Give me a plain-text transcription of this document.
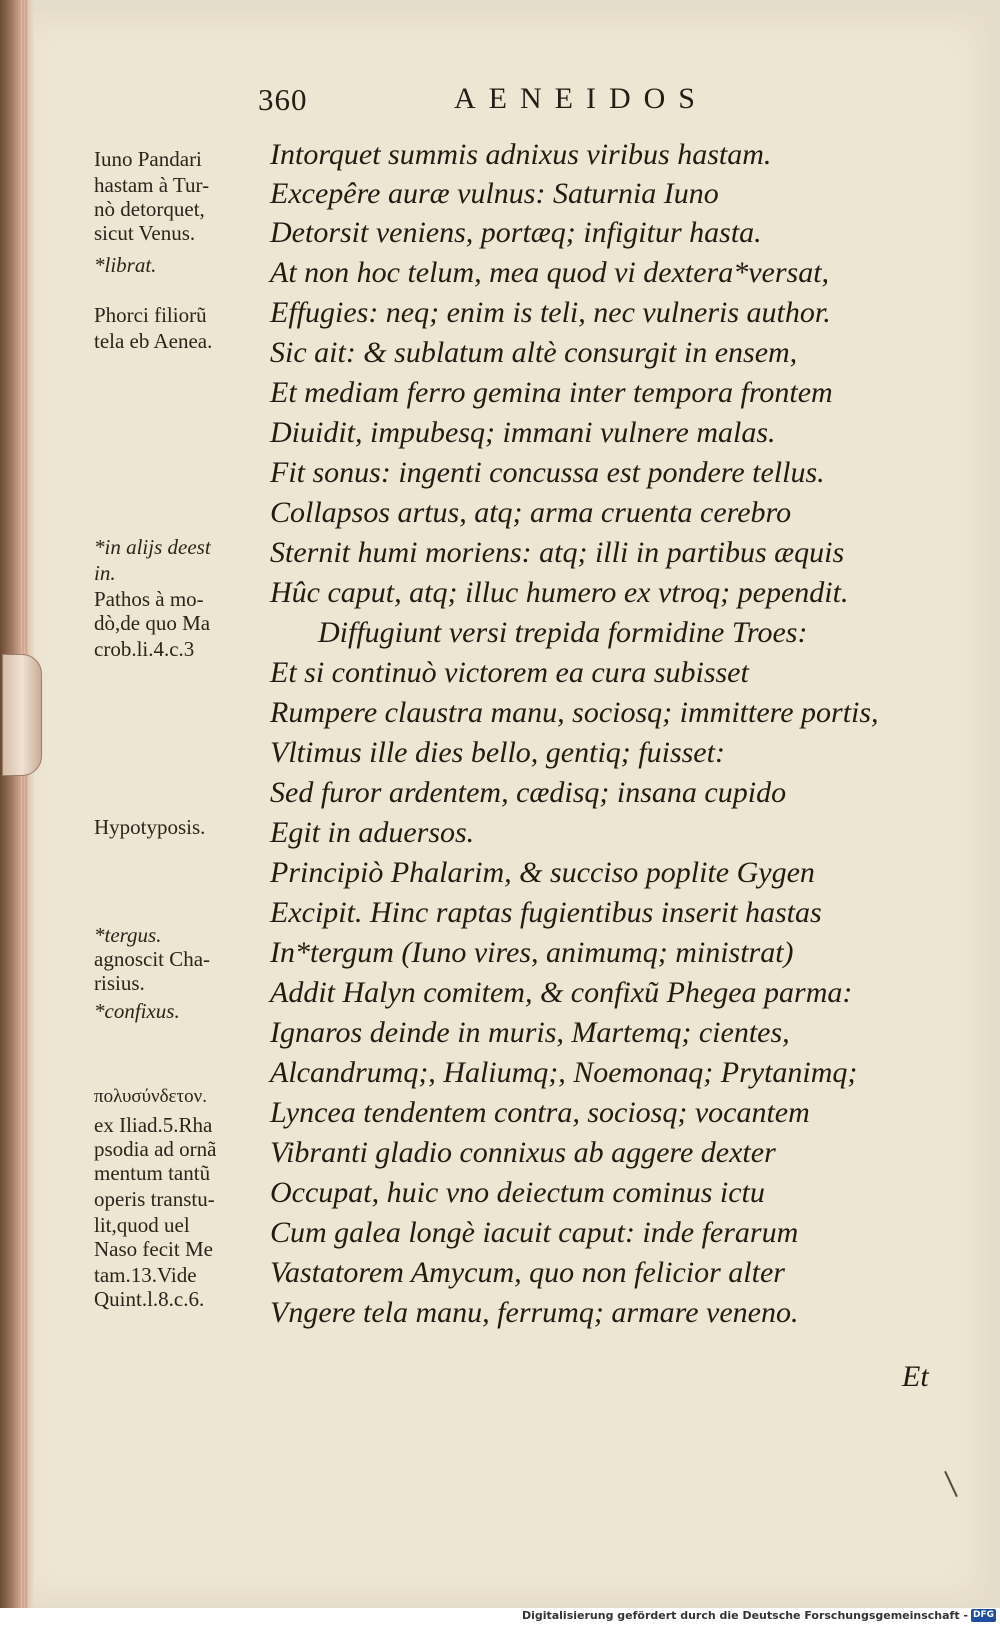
360	AENEIDOS
Iuno Pandari
hastam à Tur-
nò detorquet,
sicut Venus.
*librat.
Phorci filiorũ
tela eb Aenea.
*in alijs deest
in.
Pathos à mo-
dò,de quo Ma
crob.li.4.c.3
Hypotyposis.
*tergus.
agnoscit Cha-
risius.
*confixus.
πολυσύνδετον.
ex Iliad.5.Rha
psodia ad ornã
mentum tantũ
operis transtu-
lit,quod uel
Naso fecit Me
tam.13.Vide
Quint.l.8.c.6.
Intorquet summis adnixus viribus hastam.
Excepêre auræ vulnus: Saturnia Iuno
Detorsit veniens, portæq; infigitur hasta.
At non hoc telum, mea quod vi dextera*versat,
Effugies: neq; enim is teli, nec vulneris author.
Sic ait: & sublatum altè consurgit in ensem,
Et mediam ferro gemina inter tempora frontem
Diuidit, impubesq; immani vulnere malas.
Fit sonus: ingenti concussa est pondere tellus.
Collapsos artus, atq; arma cruenta cerebro
Sternit humi moriens: atq; illi in partibus æquis
Hûc caput, atq; illuc humero ex vtroq; pependit.
Diffugiunt versi trepida formidine Troes:
Et si continuò victorem ea cura subisset
Rumpere claustra manu, sociosq; immittere portis,
Vltimus ille dies bello, gentiq; fuisset:
Sed furor ardentem, cædisq; insana cupido
Egit in aduersos.
Principiò Phalarim, & succiso poplite Gygen
Excipit. Hinc raptas fugientibus inserit hastas
In*tergum (Iuno vires, animumq; ministrat)
Addit Halyn comitem, & confixũ Phegea parma:
Ignaros deinde in muris, Martemq; cientes,
Alcandrumq;, Haliumq;, Noemonaq; Prytanimq;
Lyncea tendentem contra, sociosq; vocantem
Vibranti gladio connixus ab aggere dexter
Occupat, huic vno deiectum cominus ictu
Cum galea longè iacuit caput: inde ferarum
Vastatorem Amycum, quo non felicior alter
Vngere tela manu, ferrumq; armare veneno.
Et
Digitalisierung gefördert durch die Deutsche Forschungsgemeinschaft - DFG
